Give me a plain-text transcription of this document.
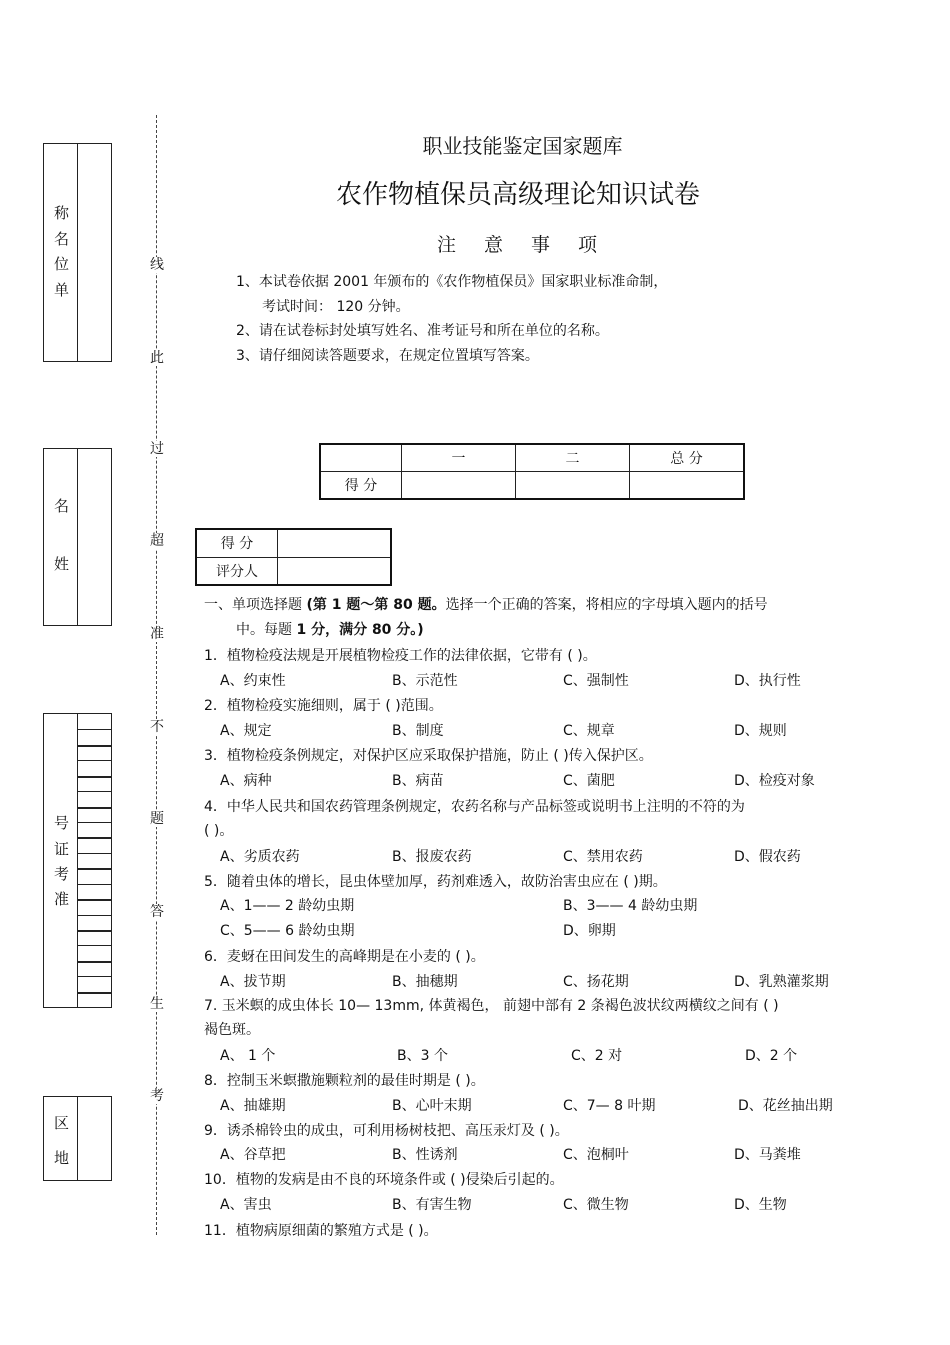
称
名
位
单
名
姓
号
证
考
准
区
地
线
此
过
超
准
不
题
答
生
考
职业技能鉴定国家题库
农作物植保员高级理论知识试卷
注意事项
1、本试卷依据 2001 年颁布的《农作物植保员》国家职业标准命制，
考试时间： 120 分钟。
2、请在试卷标封处填写姓名、准考证号和所在单位的名称。
3、请仔细阅读答题要求，在规定位置填写答案。
	一	二	总 分
得 分			
得 分	
评分人	
一、单项选择题 (第 1 题～第 80 题。选择一个正确的答案，将相应的字母填入题内的括号
中。每题 1 分，满分 80 分。)
1．植物检疫法规是开展植物检疫工作的法律依据，它带有 ( )。
A、约束性	B、示范性	C、强制性	D、执行性
2．植物检疫实施细则，属于 ( )范围。
A、规定	B、制度	C、规章	D、规则
3．植物检疫条例规定，对保护区应采取保护措施，防止 ( )传入保护区。
A、病种	B、病苗	C、菌肥	D、检疫对象
4．中华人民共和国农药管理条例规定，农药名称与产品标签或说明书上注明的不符的为
( )。
A、劣质农药	B、报废农药	C、禁用农药	D、假农药
5．随着虫体的增长，昆虫体壁加厚，药剂难透入，故防治害虫应在 ( )期。
A、1—— 2 龄幼虫期	B、3—— 4 龄幼虫期
C、5—— 6 龄幼虫期	D、卵期
6．麦蚜在田间发生的高峰期是在小麦的 ( )。
A、拔节期	B、抽穗期	C、扬花期	D、乳熟灌浆期
7. 玉米螟的成虫体长 10— 13mm, 体黄褐色， 前翅中部有 2 条褐色波状纹两横纹之间有 ( )
褐色斑。
A、 1 个	B、3 个	C、2 对	D、2 个
8．控制玉米螟撒施颗粒剂的最佳时期是 ( )。
A、抽雄期	B、心叶末期	C、7— 8 叶期	D、花丝抽出期
9．诱杀棉铃虫的成虫，可利用杨树枝把、高压汞灯及 ( )。
A、谷草把	B、性诱剂	C、泡桐叶	D、马粪堆
10．植物的发病是由不良的环境条件或 ( )侵染后引起的。
A、害虫	B、有害生物	C、微生物	D、生物
11．植物病原细菌的繁殖方式是 ( )。
